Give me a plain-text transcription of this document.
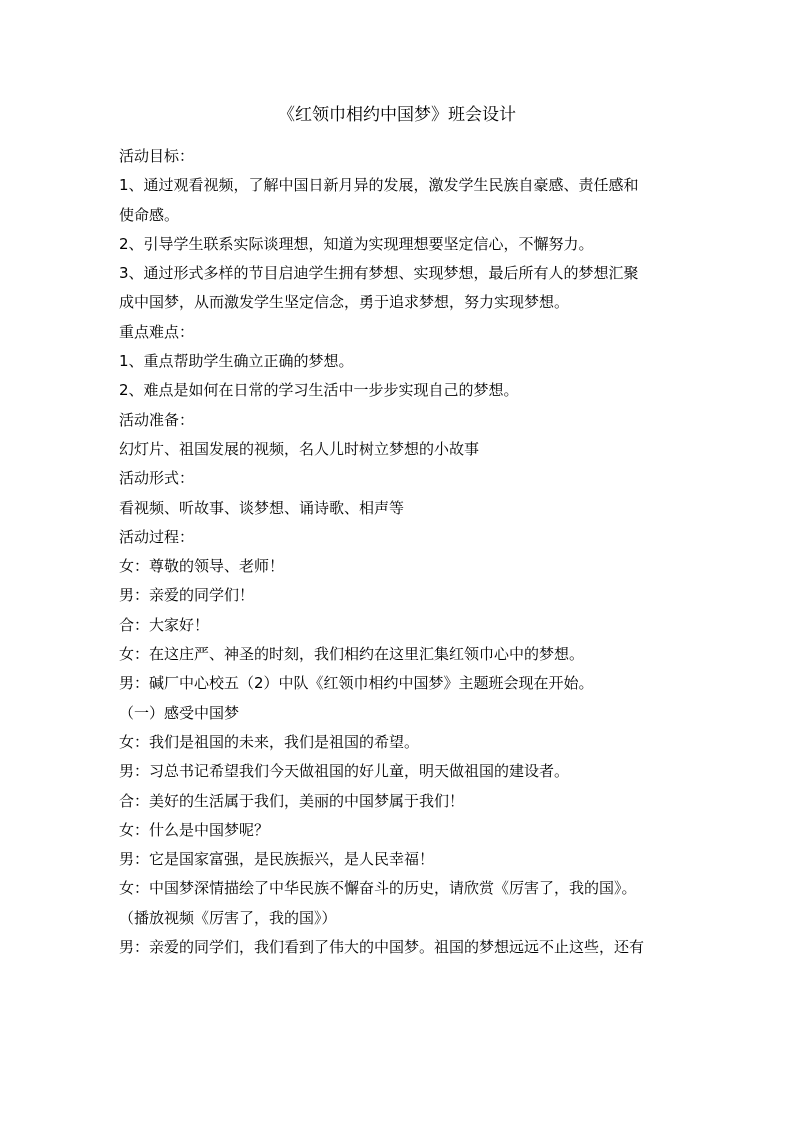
《红领巾相约中国梦》班会设计
活动目标：
1、通过观看视频，了解中国日新月异的发展，激发学生民族自豪感、责任感和
使命感。
2、引导学生联系实际谈理想，知道为实现理想要坚定信心，不懈努力。
3、通过形式多样的节目启迪学生拥有梦想、实现梦想，最后所有人的梦想汇聚
成中国梦，从而激发学生坚定信念，勇于追求梦想，努力实现梦想。
重点难点：
1、重点帮助学生确立正确的梦想。
2、难点是如何在日常的学习生活中一步步实现自己的梦想。
活动准备：
幻灯片、祖国发展的视频，名人儿时树立梦想的小故事
活动形式：
看视频、听故事、谈梦想、诵诗歌、相声等
活动过程：
女：尊敬的领导、老师！
男：亲爱的同学们！
合：大家好！
女：在这庄严、神圣的时刻，我们相约在这里汇集红领巾心中的梦想。
男：碱厂中心校五（2）中队《红领巾相约中国梦》主题班会现在开始。
（一）感受中国梦
女：我们是祖国的未来，我们是祖国的希望。
男：习总书记希望我们今天做祖国的好儿童，明天做祖国的建设者。
合：美好的生活属于我们，美丽的中国梦属于我们！
女：什么是中国梦呢？
男：它是国家富强，是民族振兴，是人民幸福！
女：中国梦深情描绘了中华民族不懈奋斗的历史，请欣赏《厉害了，我的国》。
（播放视频《厉害了，我的国》）
男：亲爱的同学们，我们看到了伟大的中国梦。祖国的梦想远远不止这些，还有
